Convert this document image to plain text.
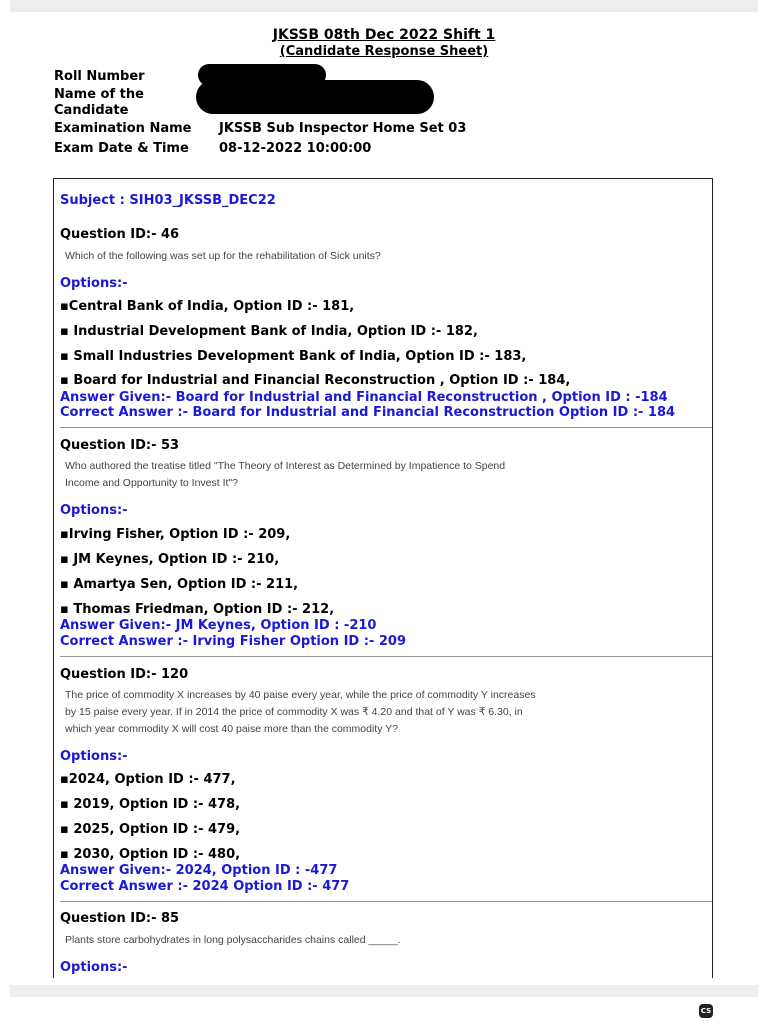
JKSSB 08th Dec 2022 Shift 1
(Candidate Response Sheet)
Roll Number
Name of the Candidate
Examination Name
Exam Date & Time
JKSSB Sub Inspector Home Set 03
08-12-2022 10:00:00
Subject : SIH03_JKSSB_DEC22
Question ID:- 46
Which of the following was set up for the rehabilitation of Sick units?
Options:-
▪Central Bank of India, Option ID :- 181,
▪ Industrial Development Bank of India, Option ID :- 182,
▪ Small Industries Development Bank of India, Option ID :- 183,
▪ Board for Industrial and Financial Reconstruction , Option ID :- 184,
Answer Given:- Board for Industrial and Financial Reconstruction , Option ID : -184
Correct Answer :- Board for Industrial and Financial Reconstruction Option ID :- 184
Question ID:- 53
Who authored the treatise titled "The Theory of Interest as Determined by Impatience to Spend Income and Opportunity to Invest It"?
Options:-
▪Irving Fisher, Option ID :- 209,
▪ JM Keynes, Option ID :- 210,
▪ Amartya Sen, Option ID :- 211,
▪ Thomas Friedman, Option ID :- 212,
Answer Given:- JM Keynes, Option ID : -210
Correct Answer :- Irving Fisher Option ID :- 209
Question ID:- 120
The price of commodity X increases by 40 paise every year, while the price of commodity Y increases by 15 paise every year. If in 2014 the price of commodity X was ₹ 4.20 and that of Y was ₹ 6.30, in which year commodity X will cost 40 paise more than the commodity Y?
Options:-
▪2024, Option ID :- 477,
▪ 2019, Option ID :- 478,
▪ 2025, Option ID :- 479,
▪ 2030, Option ID :- 480,
Answer Given:- 2024, Option ID : -477
Correct Answer :- 2024 Option ID :- 477
Question ID:- 85
Plants store carbohydrates in long polysaccharides chains called _____.
Options:-
CS
